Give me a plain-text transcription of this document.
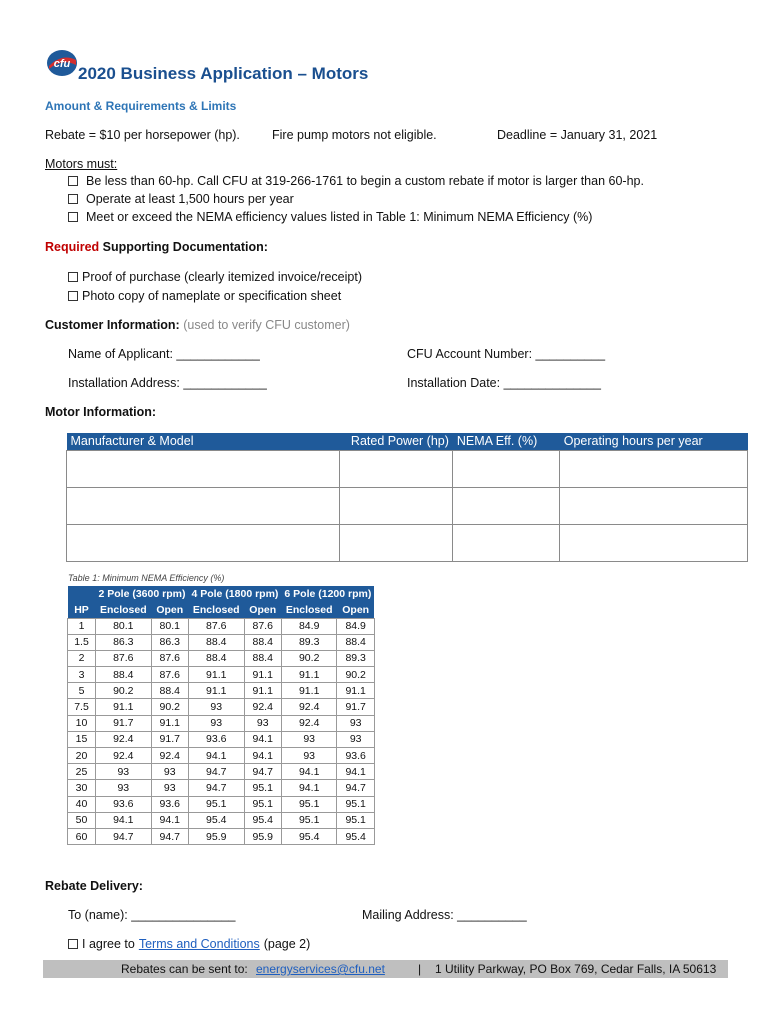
cfu 2020 Business Application – Motors
Amount & Requirements & Limits
Rebate = $10 per horsepower (hp).	Fire pump motors not eligible.	Deadline = January 31, 2021
Motors must:
Be less than 60-hp. Call CFU at 319-266-1761 to begin a custom rebate if motor is larger than 60-hp.
Operate at least 1,500 hours per year
Meet or exceed the NEMA efficiency values listed in Table 1: Minimum NEMA Efficiency (%)
Required Supporting Documentation:
Proof of purchase (clearly itemized invoice/receipt)
Photo copy of nameplate or specification sheet
Customer Information: (used to verify CFU customer)
Name of Applicant: ____________	CFU Account Number: __________
Installation Address: ____________	Installation Date: ______________
Motor Information:
Manufacturer & Model	Rated Power (hp)	NEMA Eff. (%)	Operating hours per year

Table 1: Minimum NEMA Efficiency (%)
	2 Pole (3600 rpm)		4 Pole (1800 rpm)		6 Pole (1200 rpm)	
HP	Enclosed	Open	Enclosed	Open	Enclosed	Open
1	80.1	80.1	87.6	87.6	84.9	84.9
1.5	86.3	86.3	88.4	88.4	89.3	88.4
2	87.6	87.6	88.4	88.4	90.2	89.3
3	88.4	87.6	91.1	91.1	91.1	90.2
5	90.2	88.4	91.1	91.1	91.1	91.1
7.5	91.1	90.2	93	92.4	92.4	91.7
10	91.7	91.1	93	93	92.4	93
15	92.4	91.7	93.6	94.1	93	93
20	92.4	92.4	94.1	94.1	93	93.6
25	93	93	94.7	94.7	94.1	94.1
30	93	93	94.7	95.1	94.1	94.7
40	93.6	93.6	95.1	95.1	95.1	95.1
50	94.1	94.1	95.4	95.4	95.1	95.1
60	94.7	94.7	95.9	95.9	95.4	95.4
Rebate Delivery:
To (name): _______________	Mailing Address: __________
I agree to Terms and Conditions (page 2)
Rebates can be sent to: energyservices@cfu.net	| 1 Utility Parkway, PO Box 769, Cedar Falls, IA 50613
